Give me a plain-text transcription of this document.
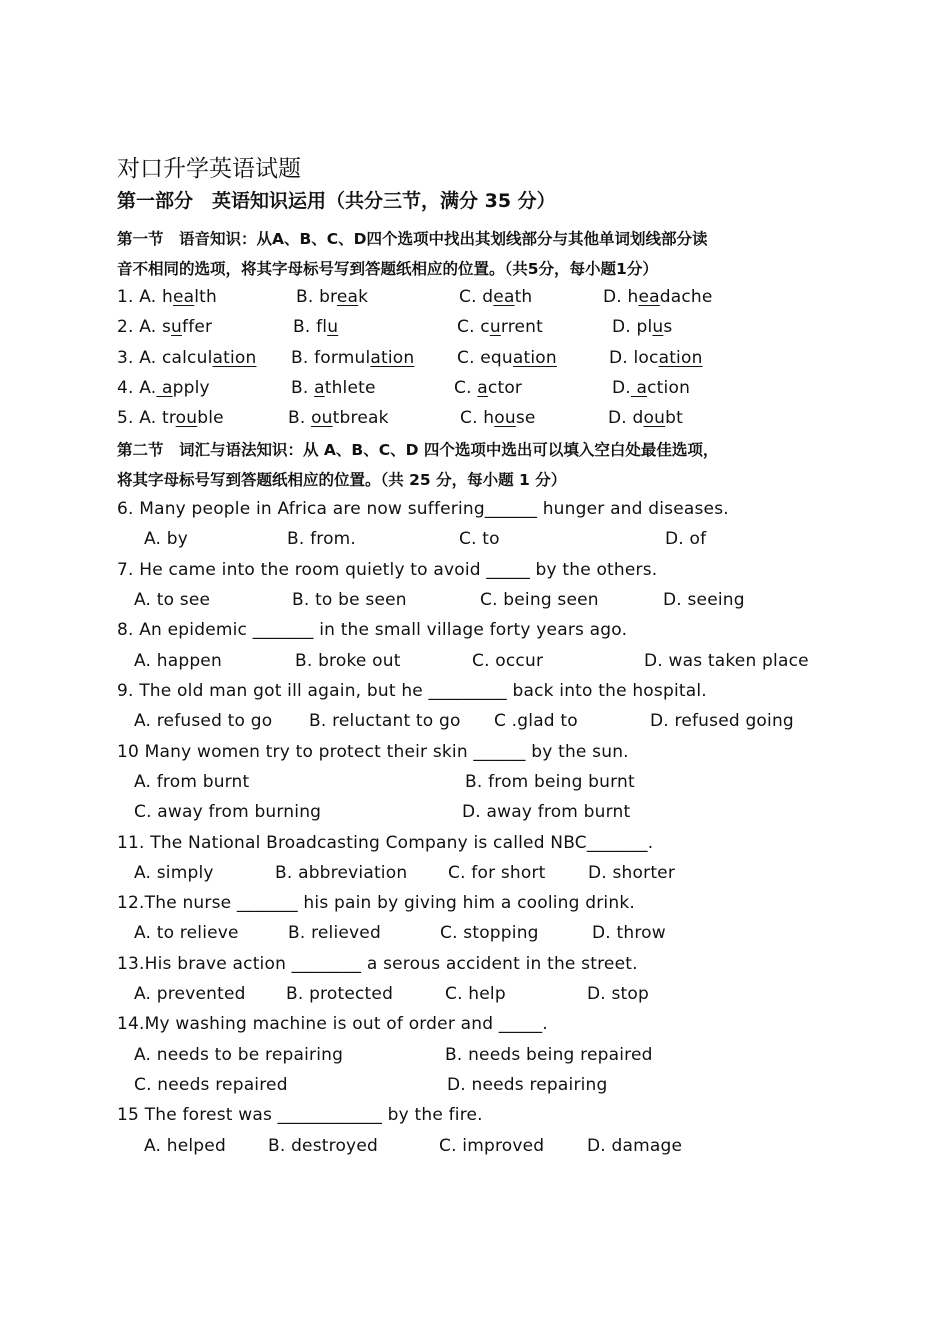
对口升学英语试题
第一部分　英语知识运用（共分三节，满分 35 分）
第一节　语音知识：从A、B、C、D四个选项中找出其划线部分与其他单词划线部分读
音不相同的选项，将其字母标号写到答题纸相应的位置。（共5分，每小题1分）
1. A. health	B. break	C. death	D. headache
2. A. suffer	B. flu	C. current	D. plus
3. A. calculation B. formulation	C. equation	D. location
4. A. apply	B. athlete	C. actor	D. action
5. A. trouble	B. outbreak	C. house	D. doubt
第二节　词汇与语法知识：从 A、B、C、D 四个选项中选出可以填入空白处最佳选项，
将其字母标号写到答题纸相应的位置。（共 25 分，每小题 1 分）
6. Many people in Africa are now suffering______ hunger and diseases.
A. by	B. from.	C. to	D. of
7. He came into the room quietly to avoid _____ by the others.
A. to see	B. to be seen	C. being seen	D. seeing
8. An epidemic _______ in the small village forty years ago.
A. happen	B. broke out	C. occur	D. was taken place
9. The old man got ill again, but he _________ back into the hospital.
A. refused to go B. reluctant to go C .glad to	D. refused going
10 Many women try to protect their skin ______ by the sun.
A. from burnt	B. from being burnt
C. away from burning	D. away from burnt
11. The National Broadcasting Company is called NBC_______.
A. simply	B. abbreviation C. for short D. shorter
12.The nurse _______ his pain by giving him a cooling drink.
A. to relieve	B. relieved	C. stopping	D. throw
13.His brave action ________ a serous accident in the street.
A. prevented B. protected	C. help	D. stop
14.My washing machine is out of order and _____.
A. needs to be repairing	B. needs being repaired
C. needs repaired	D. needs repairing
15 The forest was ____________ by the fire.
A. helped B. destroyed	C. improved	D. damage
